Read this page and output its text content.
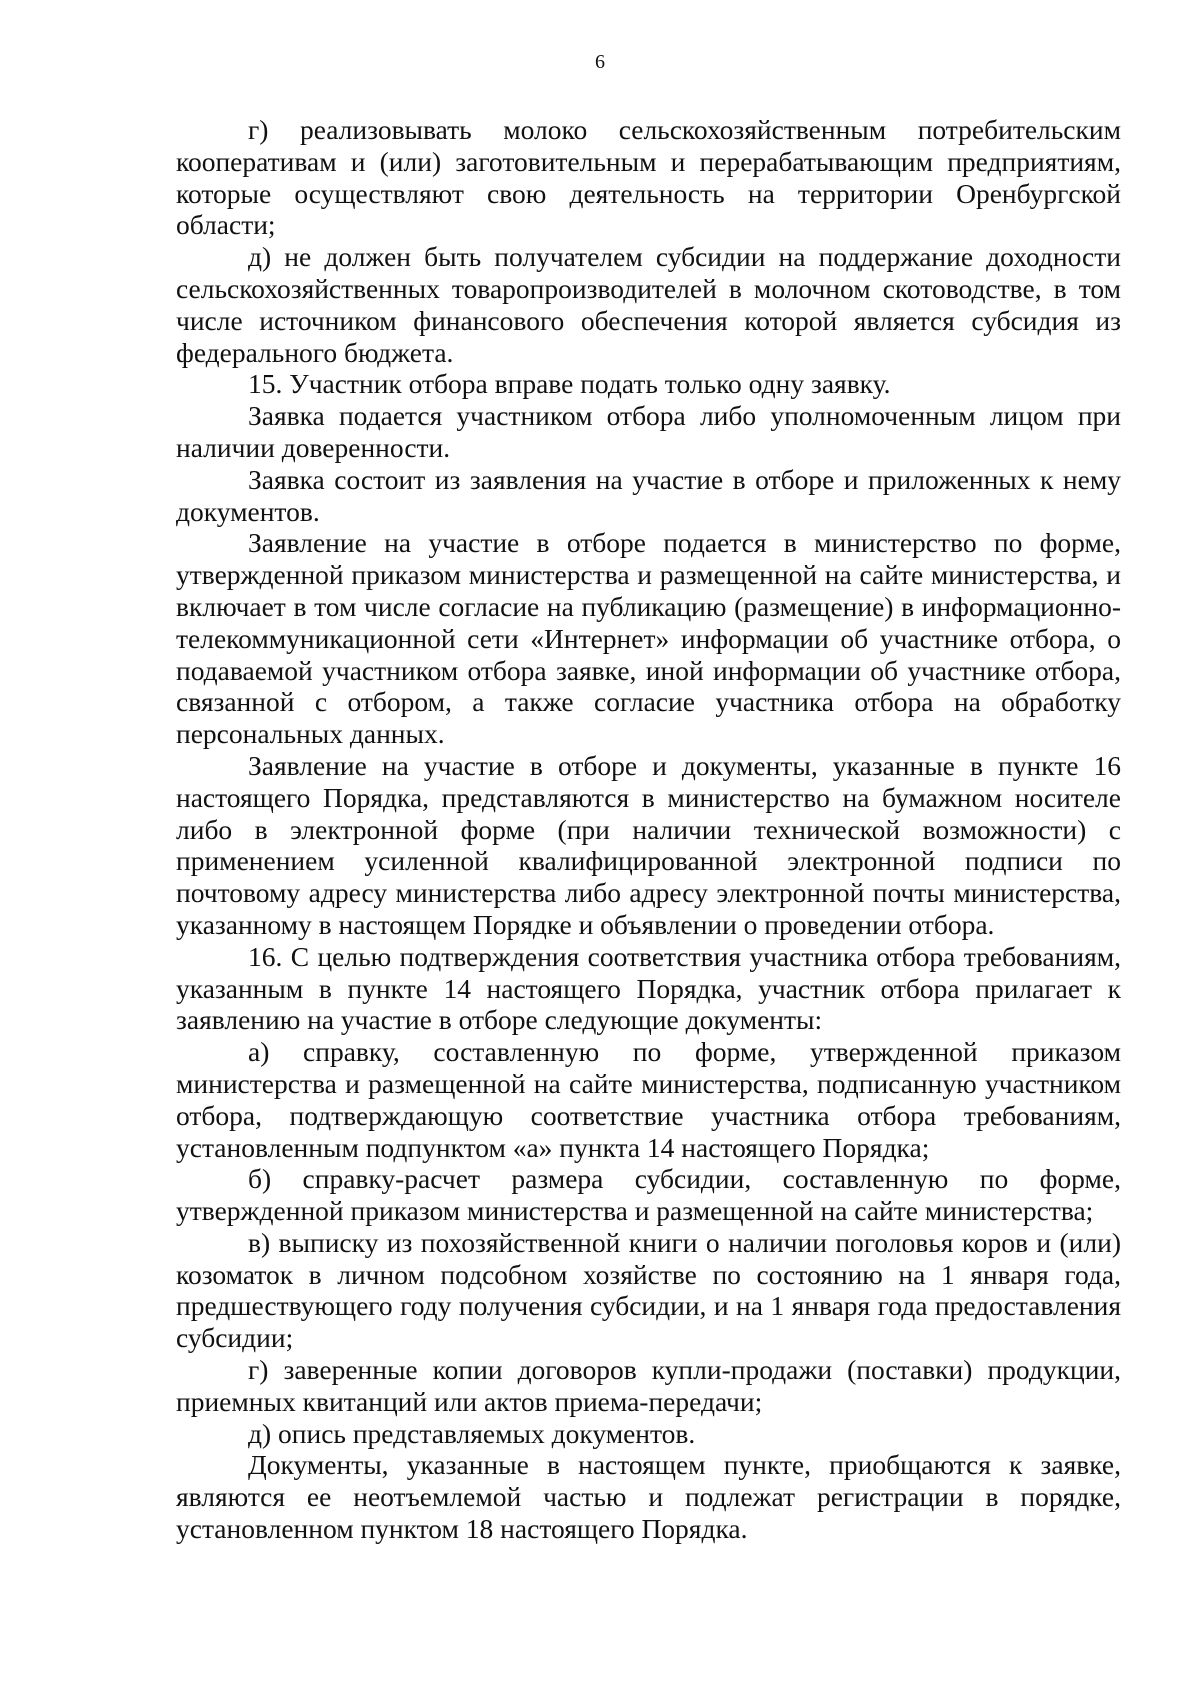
6

г) реализовывать молоко сельскохозяйственным потребительским кооперативам и (или) заготовительным и перерабатывающим предприятиям, которые осуществляют свою деятельность на территории Оренбургской области;

д) не должен быть получателем субсидии на поддержание доходности сельскохозяйственных товаропроизводителей в молочном скотоводстве, в том числе источником финансового обеспечения которой является субсидия из федерального бюджета.

15. Участник отбора вправе подать только одну заявку.

Заявка подается участником отбора либо уполномоченным лицом при наличии доверенности.

Заявка состоит из заявления на участие в отборе и приложенных к нему документов.

Заявление на участие в отборе подается в министерство по форме, утвержденной приказом министерства и размещенной на сайте министерства, и включает в том числе согласие на публикацию (размещение) в информационно-телекоммуникационной сети «Интернет» информации об участнике отбора, о подаваемой участником отбора заявке, иной информации об участнике отбора, связанной с отбором, а также согласие участника отбора на обработку персональных данных.

Заявление на участие в отборе и документы, указанные в пункте 16 настоящего Порядка, представляются в министерство на бумажном носителе либо в электронной форме (при наличии технической возможности) с применением усиленной квалифицированной электронной подписи по почтовому адресу министерства либо адресу электронной почты министерства, указанному в настоящем Порядке и объявлении о проведении отбора.

16. С целью подтверждения соответствия участника отбора требованиям, указанным в пункте 14 настоящего Порядка, участник отбора прилагает к заявлению на участие в отборе следующие документы:

а) справку, составленную по форме, утвержденной приказом министерства и размещенной на сайте министерства, подписанную участником отбора, подтверждающую соответствие участника отбора требованиям, установленным подпунктом «а» пункта 14 настоящего Порядка;

б) справку-расчет размера субсидии, составленную по форме, утвержденной приказом министерства и размещенной на сайте министерства;

в) выписку из похозяйственной книги о наличии поголовья коров и (или) козоматок в личном подсобном хозяйстве по состоянию на 1 января года, предшествующего году получения субсидии, и на 1 января года предоставления субсидии;

г) заверенные копии договоров купли-продажи (поставки) продукции, приемных квитанций или актов приема-передачи;

д) опись представляемых документов.

Документы, указанные в настоящем пункте, приобщаются к заявке, являются ее неотъемлемой частью и подлежат регистрации в порядке, установленном пунктом 18 настоящего Порядка.
